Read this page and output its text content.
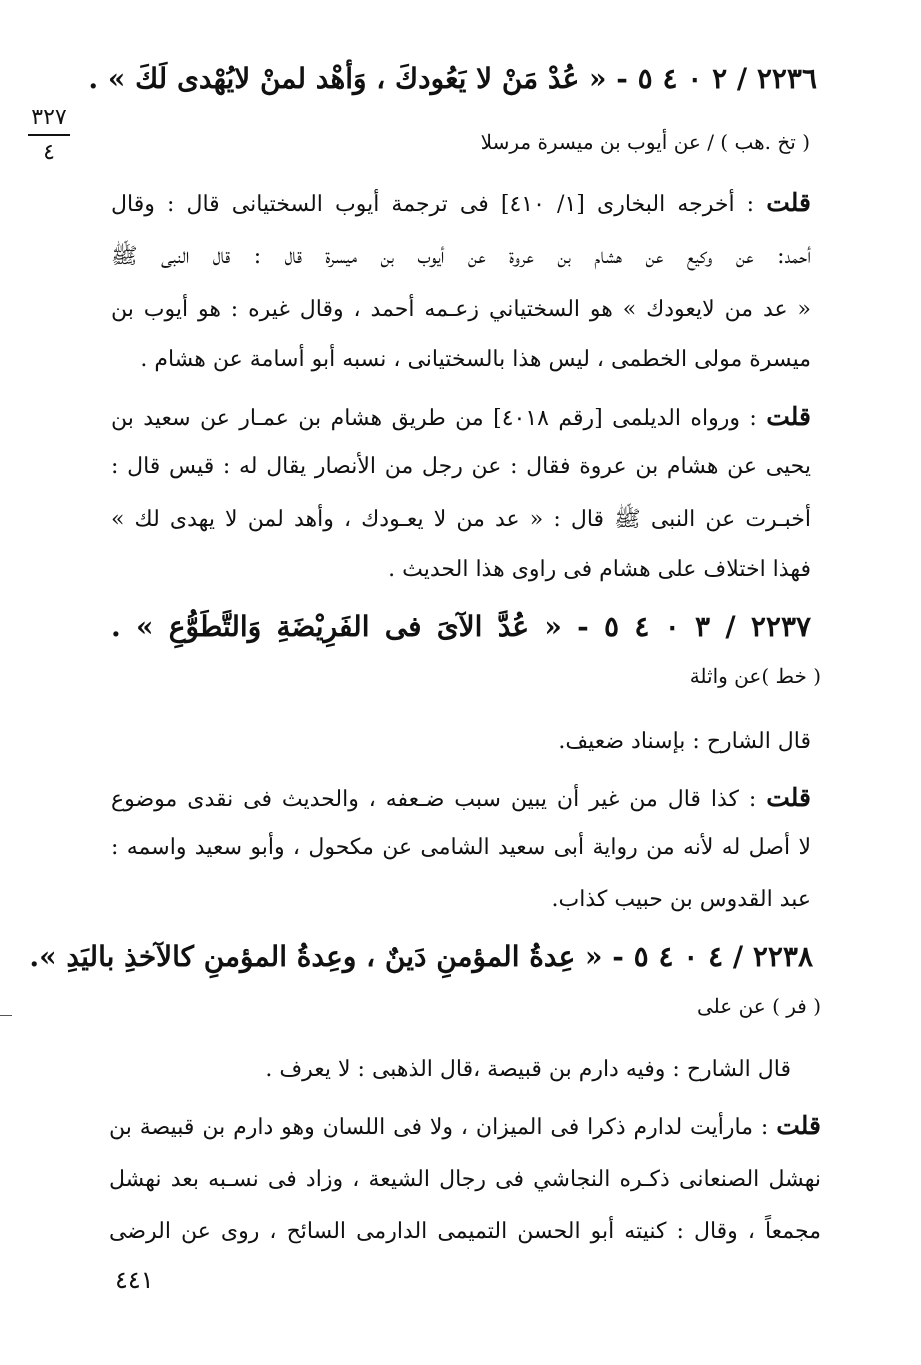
٣٢٧
٤
٢٢٣٦ / ٢ ٠ ٤ ٥ - « عُدْ مَنْ لا يَعُودكَ ، وَأهْد لمنْ لايُهْدى لَكَ » .
( تخ .هب ) / عن أيوب بن ميسرة مرسلا
قلت : أخرجه البخارى [١/ ٤١٠] فى ترجمة أيوب السختيانى قال : وقال
أحمد: عن وكيع عن هشام بن عروة عن أيوب بن ميسرة قال : قال النبى ﷺ
« عد من لايعودك » هو السختياني زعـمه أحمد ، وقال غيره : هو أيوب بن
ميسرة مولى الخطمى ، ليس هذا بالسختيانى ، نسبه أبو أسامة عن هشام .
قلت : ورواه الديلمى [رقم ٤٠١٨] من طريق هشام بن عمـار عن سعيد بن
يحيى عن هشام بن عروة فقال : عن رجل من الأنصار يقال له : قيس قال :
أخبـرت عن النبى ﷺ قال : « عد من لا يعـودك ، وأهد لمن لا يهدى لك »
فهذا اختلاف على هشام فى راوى هذا الحديث .
٢٢٣٧ / ٣ ٠ ٤ ٥ - « عُدَّ الآىَ فى الفَرِيْضَةِ وَالتَّطَوُّعِ » .
( خط )عن واثلة
قال الشارح : بإسناد ضعيف.
قلت : كذا قال من غير أن يبين سبب ضـعفه ، والحديث فى نقدى موضوع
لا أصل له لأنه من رواية أبى سعيد الشامى عن مكحول ، وأبو سعيد واسمه :
عبد القدوس بن حبيب كذاب.
٢٢٣٨ / ٤ ٠ ٤ ٥ - « عِدةُ المؤمنِ دَينٌ ، وعِدةُ المؤمنِ كالآخذِ باليَدِ ».
( فر ) عن على
قال الشارح : وفيه دارم بن قبيصة ،قال الذهبى : لا يعرف .
قلت : مارأيت لدارم ذكرا فى الميزان ، ولا فى اللسان وهو دارم بن قبيصة بن
نهشل الصنعانى ذكـره النجاشي فى رجال الشيعة ، وزاد فى نسـبه بعد نهشل
مجمعاً ، وقال : كنيته أبو الحسن التميمى الدارمى السائح ، روى عن الرضى
٤٤١
